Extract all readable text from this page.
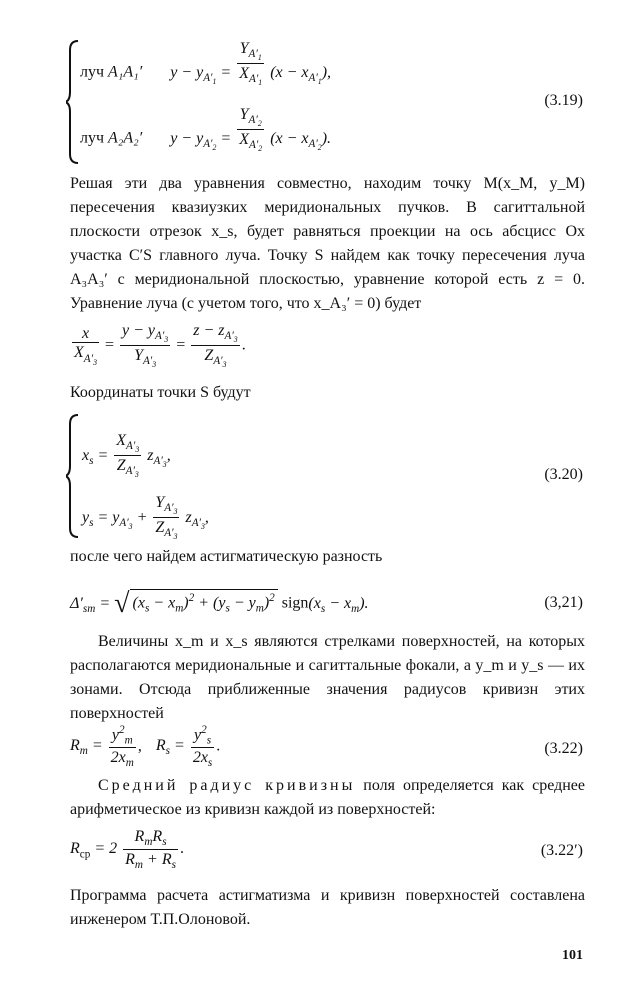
луч A₁A₁′ $y - y_{A'_1} = \frac{Y_{A'_1}}{X_{A'_1}} (x - x_{A'_1})$,
луч A₂A₂′ $y - y_{A'_2} = \frac{Y_{A'_2}}{X_{A'_2}} (x - x_{A'_2})$.
(3.19)
Решая эти два уравнения совместно, находим точку M(x_M, y_M) пересечения квазиузких меридиональных пучков. В сагиттальной плоскости отрезок x_s, будет равняться проекции на ось абсцисс Ox участка C′S главного луча. Точку S найдем как точку пересечения луча A₃A₃′ с меридиональной плоскостью, уравнение которой есть z = 0. Уравнение луча (с учетом того, что x_A₃′ = 0) будет
$\frac{x}{X_{A'_3}} = \frac{y - y_{A'_3}}{Y_{A'_3}} = \frac{z - z_{A'_3}}{Z_{A'_3}}$ .
Координаты точки S будут
$x_s = \frac{X_{A'_3}}{Z_{A'_3}} z_{A'_3}$,
$y_s = y_{A'_3} + \frac{Y_{A'_3}}{Z_{A'_3}} z_{A'_3}$,
(3.20)
после чего найдем астигматическую разность
$\Delta'_{sm}$ = √ $(x_s - x_m)^2 + (y_s - y_m)^2$ $sign(x_s - x_m)$.	(3,21)
Величины x_m и x_s являются стрелками поверхностей, на которых располагаются меридиональные и сагиттальные фокали, а y_m и y_s — их зонами. Отсюда приближенные значения радиусов кривизн этих поверхностей
$R_m = \frac{y^2_m}{2x_m}$ , $R_s = \frac{y^2_s}{2x_s}$ .	(3.22)
Средний радиус кривизны поля определяется как среднее арифметическое из кривизн каждой из поверхностей:
$R_{ср} = 2 \frac{R_mR_s}{R_m + R_s}$ .	(3.22′)
Программа расчета астигматизма и кривизн поверхностей составлена инженером Т.П.Олоновой.
101
